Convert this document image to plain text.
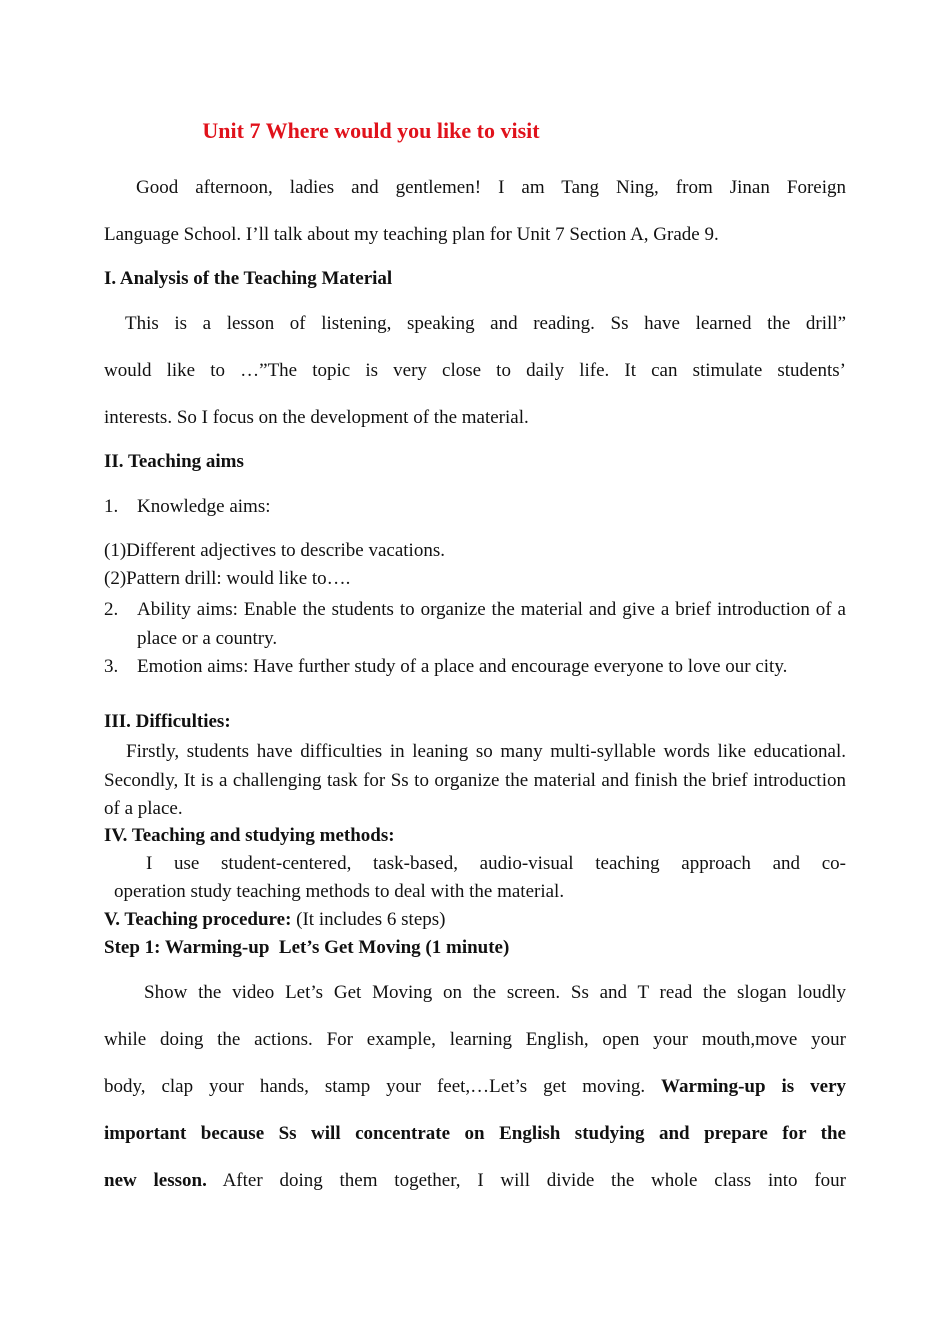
Unit 7 Where would you like to visit

Good afternoon, ladies and gentlemen! I am Tang Ning, from Jinan Foreign

Language School. I’ll talk about my teaching plan for Unit 7 Section A, Grade 9.

I. Analysis of the Teaching Material

This is a lesson of listening, speaking and reading. Ss have learned the drill”

would like to …”The topic is very close to daily life. It can stimulate students’

interests. So I focus on the development of the material.

II. Teaching aims

1. Knowledge aims:

(1)Different adjectives to describe vacations.

(2)Pattern drill: would like to….

2. Ability aims: Enable the students to organize the material and give a brief introduction of a place or a country.
3. Emotion aims: Have further study of a place and encourage everyone to love our city.

III. Difficulties:

Firstly, students have difficulties in leaning so many multi-syllable words like educational. Secondly, It is a challenging task for Ss to organize the material and finish the brief introduction of a place.

IV. Teaching and studying methods:

I use student-centered, task-based, audio-visual teaching approach and co-

operation study teaching methods to deal with the material.

V. Teaching procedure: (It includes 6 steps)

Step 1: Warming-up  Let’s Get Moving (1 minute)

Show the video Let’s Get Moving on the screen. Ss and T read the slogan loudly

while doing the actions. For example, learning English, open your mouth,move your

body, clap your hands, stamp your feet,…Let’s get moving. Warming-up is very

important because Ss will concentrate on English studying and prepare for the

new lesson. After doing them together, I will divide the whole class into four
